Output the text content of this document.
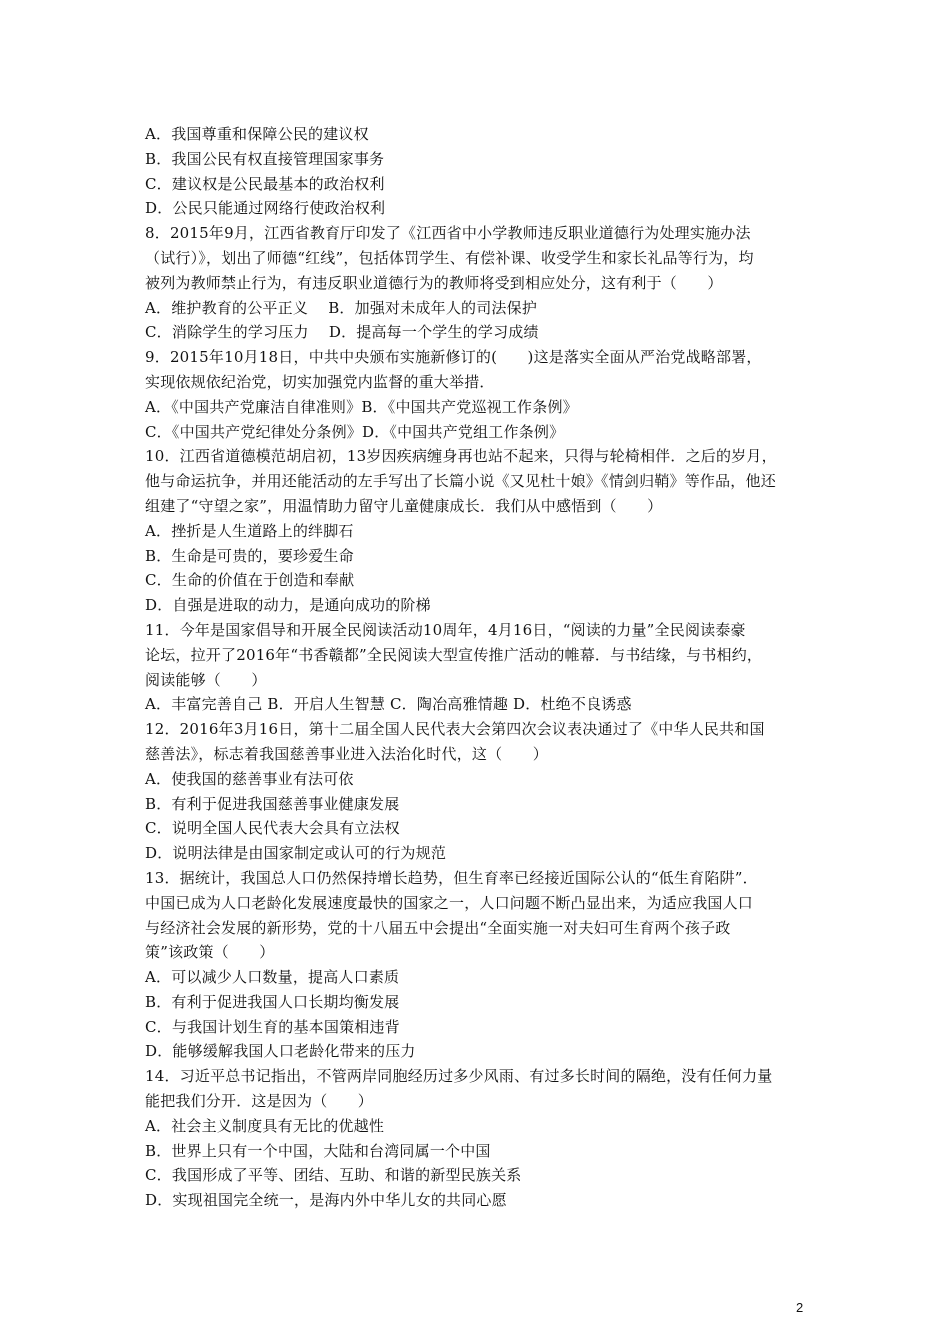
A．我国尊重和保障公民的建议权
B．我国公民有权直接管理国家事务
C．建议权是公民最基本的政治权利
D．公民只能通过网络行使政治权利
8．2015年9月，江西省教育厅印发了《江西省中小学教师违反职业道德行为处理实施办法
（试行）》，划出了师德“红线”，包括体罚学生、有偿补课、收受学生和家长礼品等行为，均
被列为教师禁止行为，有违反职业道德行为的教师将受到相应处分，这有利于（　　）
A．维护教育的公平正义　 B．加强对未成年人的司法保护
C．消除学生的学习压力　 D．提高每一个学生的学习成绩
9．2015年10月18日，中共中央颁布实施新修订的(　　)这是落实全面从严治党战略部署，
实现依规依纪治党，切实加强党内监督的重大举措．
A．《中国共产党廉洁自律准则》B．《中国共产党巡视工作条例》
C．《中国共产党纪律处分条例》D．《中国共产党组工作条例》
10．江西省道德模范胡启初，13岁因疾病缠身再也站不起来，只得与轮椅相伴．之后的岁月，
他与命运抗争，并用还能活动的左手写出了长篇小说《又见杜十娘》《情剑归鞘》等作品，他还
组建了“守望之家”，用温情助力留守儿童健康成长．我们从中感悟到（　　）
A．挫折是人生道路上的绊脚石
B．生命是可贵的，要珍爱生命
C．生命的价值在于创造和奉献
D．自强是进取的动力，是通向成功的阶梯
11．今年是国家倡导和开展全民阅读活动10周年，4月16日，“阅读的力量”全民阅读泰豪
论坛，拉开了2016年“书香赣都”全民阅读大型宣传推广活动的帷幕．与书结缘，与书相约，
阅读能够（　　）
A．丰富完善自己 B．开启人生智慧 C．陶冶高雅情趣 D．杜绝不良诱惑
12．2016年3月16日，第十二届全国人民代表大会第四次会议表决通过了《中华人民共和国
慈善法》，标志着我国慈善事业进入法治化时代，这（　　）
A．使我国的慈善事业有法可依
B．有利于促进我国慈善事业健康发展
C．说明全国人民代表大会具有立法权
D．说明法律是由国家制定或认可的行为规范
13．据统计，我国总人口仍然保持增长趋势，但生育率已经接近国际公认的“低生育陷阱”．
中国已成为人口老龄化发展速度最快的国家之一，人口问题不断凸显出来，为适应我国人口
与经济社会发展的新形势，党的十八届五中会提出“全面实施一对夫妇可生育两个孩子政
策”该政策（　　）
A．可以减少人口数量，提高人口素质
B．有利于促进我国人口长期均衡发展
C．与我国计划生育的基本国策相违背
D．能够缓解我国人口老龄化带来的压力
14．习近平总书记指出，不管两岸同胞经历过多少风雨、有过多长时间的隔绝，没有任何力量
能把我们分开．这是因为（　　）
A．社会主义制度具有无比的优越性
B．世界上只有一个中国，大陆和台湾同属一个中国
C．我国形成了平等、团结、互助、和谐的新型民族关系
D．实现祖国完全统一，是海内外中华儿女的共同心愿
2
